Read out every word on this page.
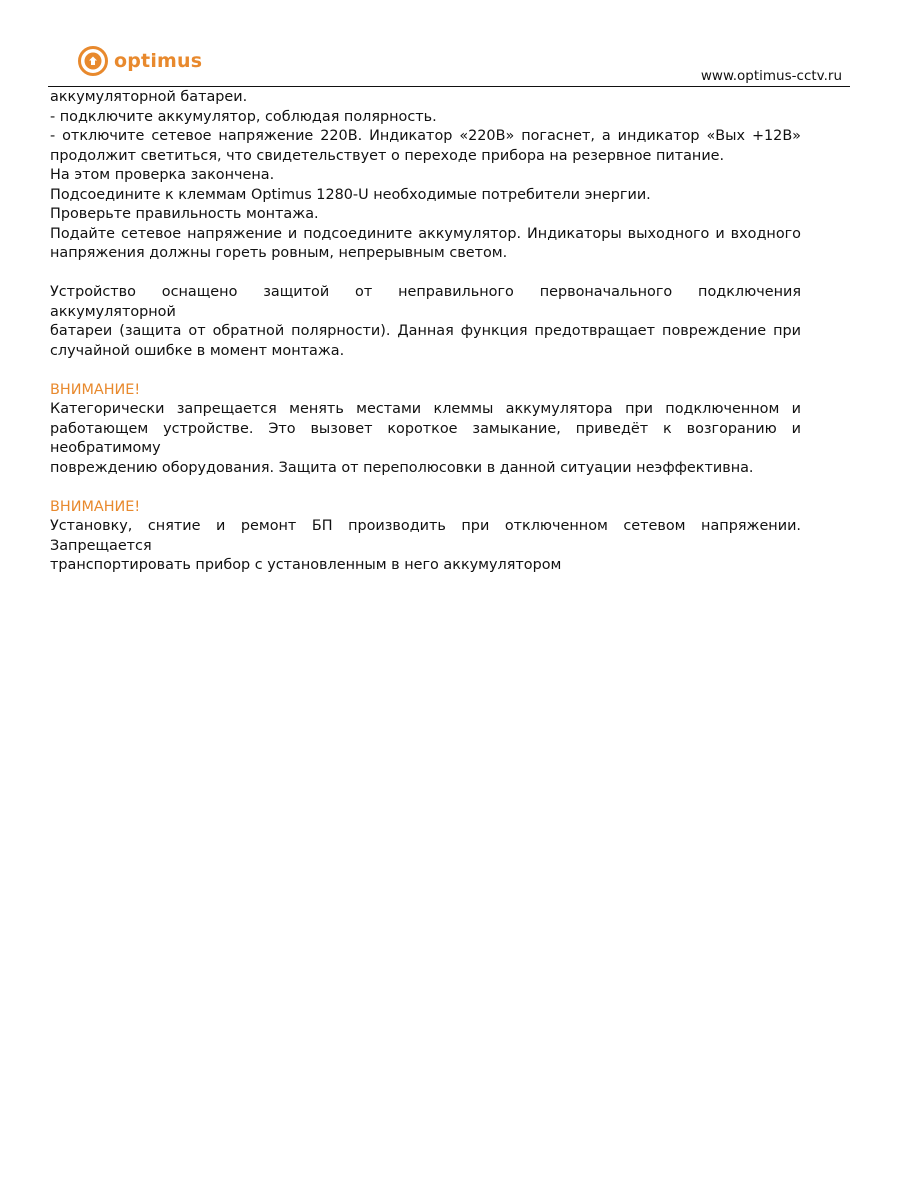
optimus
www.optimus-cctv.ru

аккумуляторной батареи.

- подключите аккумулятор, соблюдая полярность.

- отключите сетевое напряжение 220В. Индикатор «220В» погаснет, а индикатор «Вых +12В»

продолжит светиться, что свидетельствует о переходе прибора на резервное питание.

На этом проверка закончена.

Подсоедините к клеммам Optimus 1280-U необходимые потребители энергии.

Проверьте правильность монтажа.

Подайте сетевое напряжение и подсоедините аккумулятор. Индикаторы выходного и входного

напряжения должны гореть ровным, непрерывным светом.

Устройство оснащено защитой от неправильного первоначального подключения аккумуляторной

батареи (защита от обратной полярности). Данная функция предотвращает повреждение при

случайной ошибке в момент монтажа.

ВНИМАНИЕ!

Категорически запрещается менять местами клеммы аккумулятора при подключенном и

работающем устройстве. Это вызовет короткое замыкание, приведёт к возгоранию и необратимому

повреждению оборудования. Защита от переполюсовки в данной ситуации неэффективна.

ВНИМАНИЕ!

Установку, снятие и ремонт БП производить при отключенном сетевом напряжении. Запрещается

транспортировать прибор с установленным в него аккумулятором
